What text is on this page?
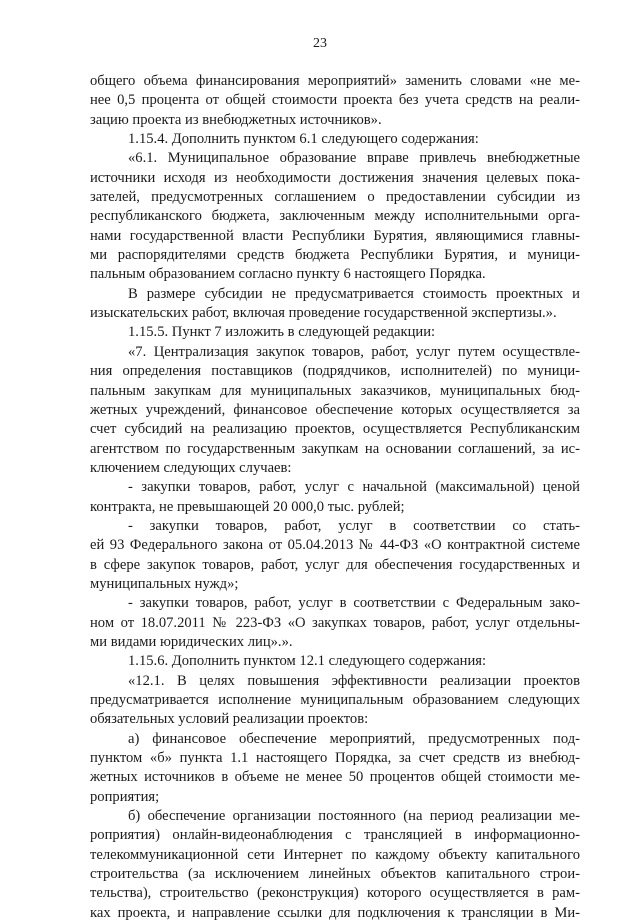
23
общего объема финансирования мероприятий» заменить словами «не ме-
нее 0,5 процента от общей стоимости проекта без учета средств на реали-
зацию проекта из внебюджетных источников».
1.15.4. Дополнить пунктом 6.1 следующего содержания:
«6.1. Муниципальное образование вправе привлечь внебюджетные
источники исходя из необходимости достижения значения целевых пока-
зателей, предусмотренных соглашением о предоставлении субсидии из
республиканского бюджета, заключенным между исполнительными орга-
нами государственной власти Республики Бурятия, являющимися главны-
ми распорядителями средств бюджета Республики Бурятия, и муници-
пальным образованием согласно пункту 6 настоящего Порядка.
В размере субсидии не предусматривается стоимость проектных и
изыскательских работ, включая проведение государственной экспертизы.».
1.15.5. Пункт 7 изложить в следующей редакции:
«7. Централизация закупок товаров, работ, услуг путем осуществле-
ния определения поставщиков (подрядчиков, исполнителей) по муници-
пальным закупкам для муниципальных заказчиков, муниципальных бюд-
жетных учреждений, финансовое обеспечение которых осуществляется за
счет субсидий на реализацию проектов, осуществляется Республиканским
агентством по государственным закупкам на основании соглашений, за ис-
ключением следующих случаев:
- закупки товаров, работ, услуг с начальной (максимальной) ценой
контракта, не превышающей 20 000,0 тыс. рублей;
- закупки товаров, работ, услуг в соответствии со стать-
ей 93 Федерального закона от 05.04.2013 № 44-ФЗ «О контрактной системе
в сфере закупок товаров, работ, услуг для обеспечения государственных и
муниципальных нужд»;
- закупки товаров, работ, услуг в соответствии с Федеральным зако-
ном от 18.07.2011 № 223-ФЗ «О закупках товаров, работ, услуг отдельны-
ми видами юридических лиц».».
1.15.6. Дополнить пунктом 12.1 следующего содержания:
«12.1. В целях повышения эффективности реализации проектов
предусматривается исполнение муниципальным образованием следующих
обязательных условий реализации проектов:
а) финансовое обеспечение мероприятий, предусмотренных под-
пунктом «б» пункта 1.1 настоящего Порядка, за счет средств из внебюд-
жетных источников в объеме не менее 50 процентов общей стоимости ме-
роприятия;
б) обеспечение организации постоянного (на период реализации ме-
роприятия) онлайн-видеонаблюдения с трансляцией в информационно-
телекоммуникационной сети Интернет по каждому объекту капитального
строительства (за исключением линейных объектов капитального строи-
тельства), строительство (реконструкция) которого осуществляется в рам-
ках проекта, и направление ссылки для подключения к трансляции в Ми-
